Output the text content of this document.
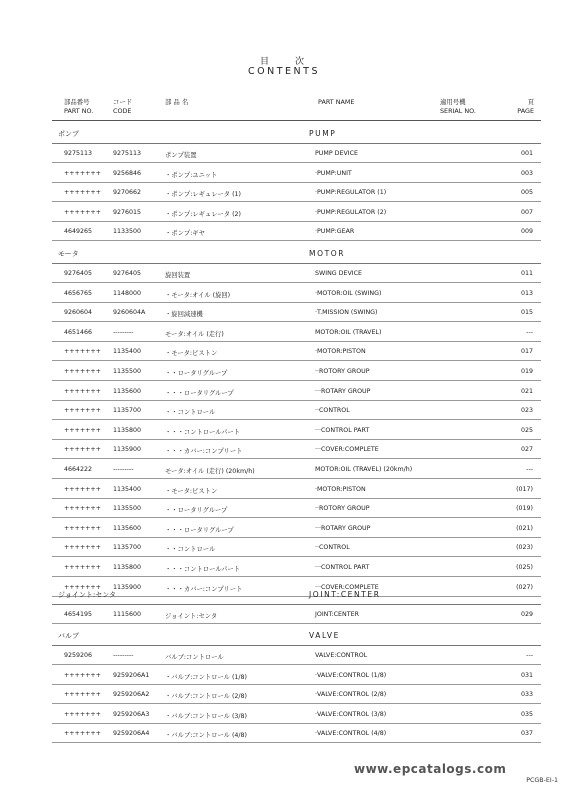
目次
CONTENTS
部品番号
PART NO.
コード
CODE
部 品 名	PART NAME	適用号機
SERIAL NO.
頁
PAGE
ポンプ	PUMP
9275113	9275113	ポンプ装置	PUMP DEVICE	001
+++++++ 9256846	・ポンプ:ユニット	·PUMP:UNIT	003
+++++++ 9270662	・ポンプ:レギュレータ (1)	·PUMP:REGULATOR (1)	005
+++++++ 9276015	・ポンプ:レギュレータ (2)	·PUMP:REGULATOR (2)	007
4649265	1133500	・ポンプ:ギヤ	·PUMP:GEAR	009
モータ	MOTOR
9276405	9276405	旋回装置	SWING DEVICE	011
4656765	1148000	・モータ:オイル (旋回)	·MOTOR:OIL (SWING)	013
9260604	9260604A	・旋回減速機	·T.MISSION (SWING)	015
4651466	---------	モータ:オイル (走行)	MOTOR:OIL (TRAVEL)	---
+++++++ 1135400	・モータ:ピストン	·MOTOR:PISTON	017
+++++++ 1135500	・・ロータリグループ	··ROTORY GROUP	019
+++++++ 1135600	・・・ロータリグループ	···ROTARY GROUP	021
+++++++ 1135700	・・コントロール	··CONTROL	023
+++++++ 1135800	・・・コントロールパート	···CONTROL PART	025
+++++++ 1135900	・・・カバー:コンプリート	···COVER:COMPLETE	027
4664222	---------	モータ:オイル (走行) (20km/h)	MOTOR:OIL (TRAVEL) (20km/h)	---
+++++++ 1135400	・モータ:ピストン	·MOTOR:PISTON	(017)
+++++++ 1135500	・・ロータリグループ	··ROTORY GROUP	(019)
+++++++ 1135600	・・・ロータリグループ	···ROTARY GROUP	(021)
+++++++ 1135700	・・コントロール	··CONTROL	(023)
+++++++ 1135800	・・・コントロールパート	···CONTROL PART	(025)
+++++++ 1135900	・・・カバー:コンプリート	···COVER:COMPLETE	(027)
ジョイント:センタ	JOINT:CENTER
4654195	1115600	ジョイント:センタ	JOINT:CENTER	029
バルブ	VALVE
9259206	---------	バルブ:コントロール	VALVE:CONTROL	---
+++++++ 9259206A1 ・バルブ:コントロール (1/8)	·VALVE:CONTROL (1/8)	031
+++++++ 9259206A2 ・バルブ:コントロール (2/8)	·VALVE:CONTROL (2/8)	033
+++++++ 9259206A3 ・バルブ:コントロール (3/8)	·VALVE:CONTROL (3/8)	035
+++++++ 9259206A4 ・バルブ:コントロール (4/8)	·VALVE:CONTROL (4/8)	037
www.epcatalogs.com
PCGB-EI-1
